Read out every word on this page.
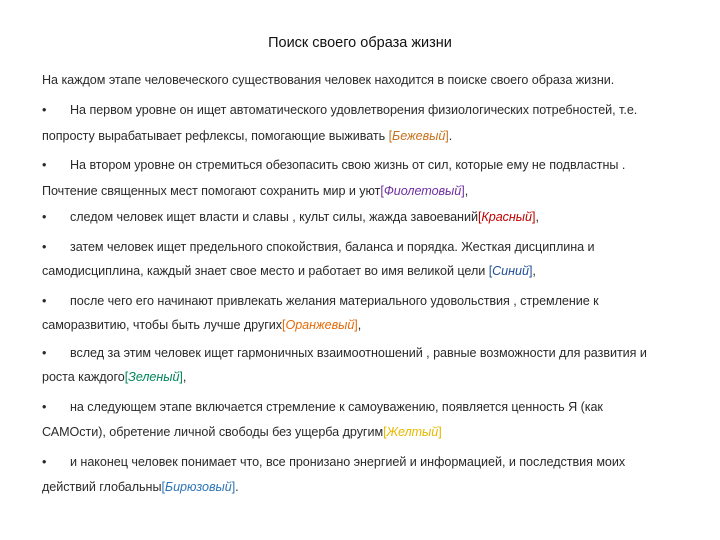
Поиск своего образа жизни
На каждом этапе человеческого существования человек находится в поиске своего образа жизни.
• На первом уровне он ищет автоматического удовлетворения физиологических потребностей, т.е.
попросту вырабатывает рефлексы, помогающие выживать [Бежевый].
• На втором уровне он стремиться обезопасить свою жизнь от сил, которые ему не подвластны .
Почтение священных мест помогают сохранить мир и уют[Фиолетовый],
• следом человек ищет власти и славы , культ силы, жажда завоеваний[Красный],
• затем человек ищет предельного спокойствия, баланса и порядка. Жесткая дисциплина и
самодисциплина, каждый знает свое место и работает во имя великой цели [Синий],
• после чего его начинают привлекать желания материального удовольствия , стремление к
саморазвитию, чтобы быть лучше других[Оранжевый],
• вслед за этим человек ищет гармоничных взаимоотношений , равные возможности для развития и
роста каждого[Зеленый],
• на следующем этапе включается стремление к самоуважению, появляется ценность Я (как
САМОсти), обретение личной свободы без ущерба другим[Желтый]
• и наконец человек понимает что, все пронизано энергией и информацией, и последствия моих
действий глобальны[Бирюзовый].
